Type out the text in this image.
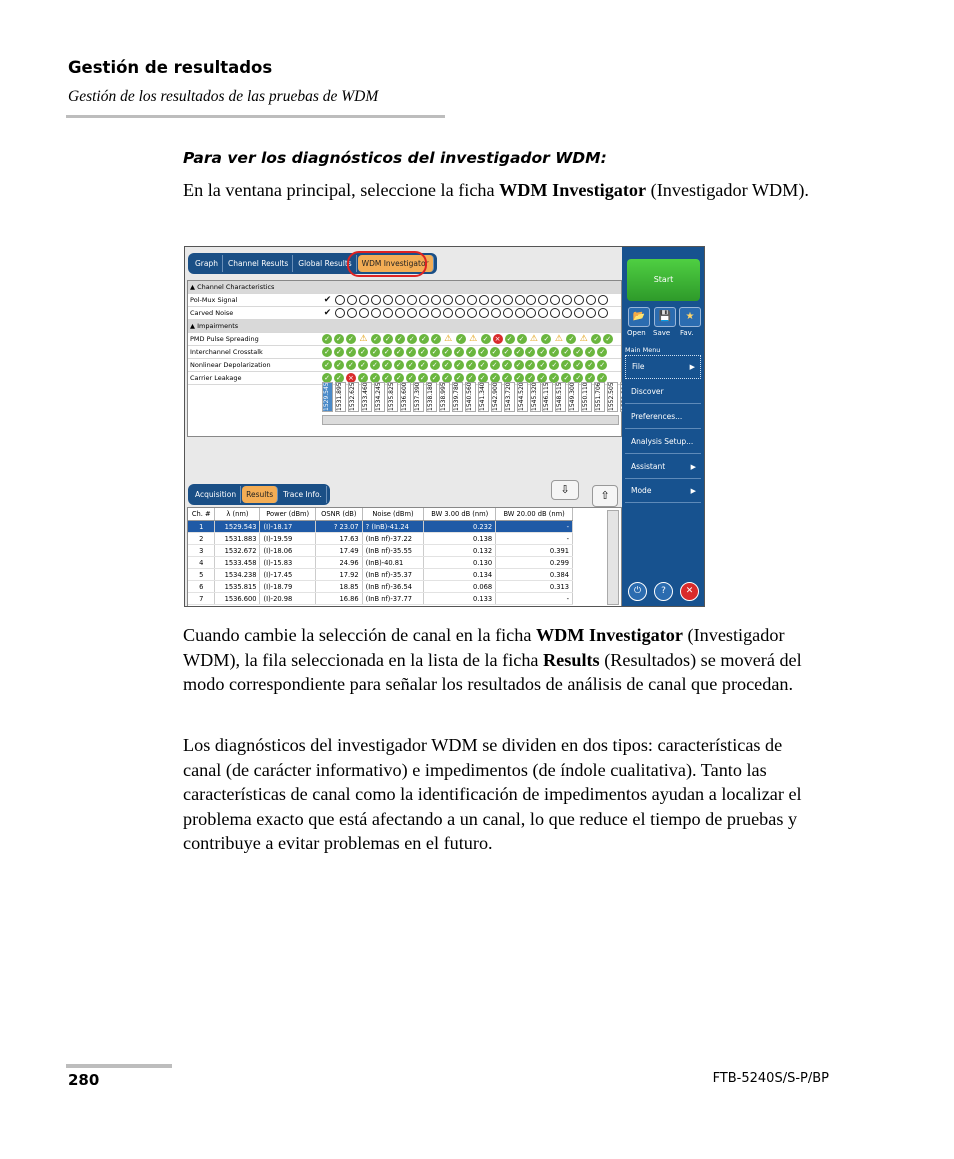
Gestión de resultados
Gestión de los resultados de las pruebas de WDM
Para ver los diagnósticos del investigador WDM:
En la ventana principal, seleccione la ficha WDM Investigator (Investigador WDM).
Graph	Channel Results	Global Results	WDM Investigator
▲ Channel Characteristics
Pol-Mux Signal	✔
Carved Noise	✔
▲ Impairments
PMD Pulse Spreading	✓ ✓ ✓ ⚠ ✓ ✓ ✓ ✓ ✓ ✓ ⚠ ✓ ⚠ ✓ × ✓ ✓ ⚠ ✓ ⚠ ✓ ⚠ ✓ ✓
Interchannel Crosstalk	✓ ✓ ✓ ✓ ✓ ✓ ✓ ✓ ✓ ✓ ✓ ✓ ✓ ✓ ✓ ✓ ✓ ✓ ✓ ✓ ✓ ✓ ✓ ✓
Nonlinear Depolarization	✓ ✓ ✓ ✓ ✓ ✓ ✓ ✓ ✓ ✓ ✓ ✓ ✓ ✓ ✓ ✓ ✓ ✓ ✓ ✓ ✓ ✓ ✓ ✓
Carrier Leakage	✓ ✓ × ✓ ✓ ✓ ✓ ✓ ✓ ✓ ✓ ✓ ✓ ✓ ✓ ✓ ✓ ✓ ✓ ✓ ✓ ✓ ✓ ✓
1529.545 1531.895 1532.625 1533.460 1534.245 1535.825 1536.600 1537.390 1538.180 1538.995 1539.780 1540.560 1541.340 1542.900 1543.720 1544.520 1545.320 1546.115 1548.515 1549.300 1550.110 1551.706 1552.505
Acquisition	Results	Trace Info.	⇩	⇧
Ch. #	λ (nm)	Power (dBm)	OSNR (dB)	Noise (dBm)	BW 3.00 dB (nm)	BW 20.00 dB (nm)
1	1529.543	(I)-18.17	? 23.07	? (InB)-41.24	0.232	-
2	1531.883	(I)-19.59	17.63	(InB nf)-37.22	0.138	-
3	1532.672	(I)-18.06	17.49	(InB nf)-35.55	0.132	0.391
4	1533.458	(I)-15.83	24.96	(InB)-40.81	0.130	0.299
5	1534.238	(I)-17.45	17.92	(InB nf)-35.37	0.134	0.384
6	1535.815	(I)-18.79	18.85	(InB nf)-36.54	0.068	0.313
7	1536.600	(I)-20.98	16.86	(InB nf)-37.77	0.133	-
Start
📂	💾	★
Open Save Fav.
Main Menu
File	▶
Discover
Preferences...
Analysis Setup...
Assistant	▶
Mode	▶
⏻	?	✕
Cuando cambie la selección de canal en la ficha WDM Investigator (Investigador WDM), la fila seleccionada en la lista de la ficha Results (Resultados) se moverá del modo correspondiente para señalar los resultados de análisis de canal que procedan.
Los diagnósticos del investigador WDM se dividen en dos tipos: características de canal (de carácter informativo) e impedimentos (de índole cualitativa). Tanto las características de canal como la identificación de impedimentos ayudan a localizar el problema exacto que está afectando a un canal, lo que reduce el tiempo de pruebas y contribuye a evitar problemas en el futuro.
280	FTB-5240S/S-P/BP
